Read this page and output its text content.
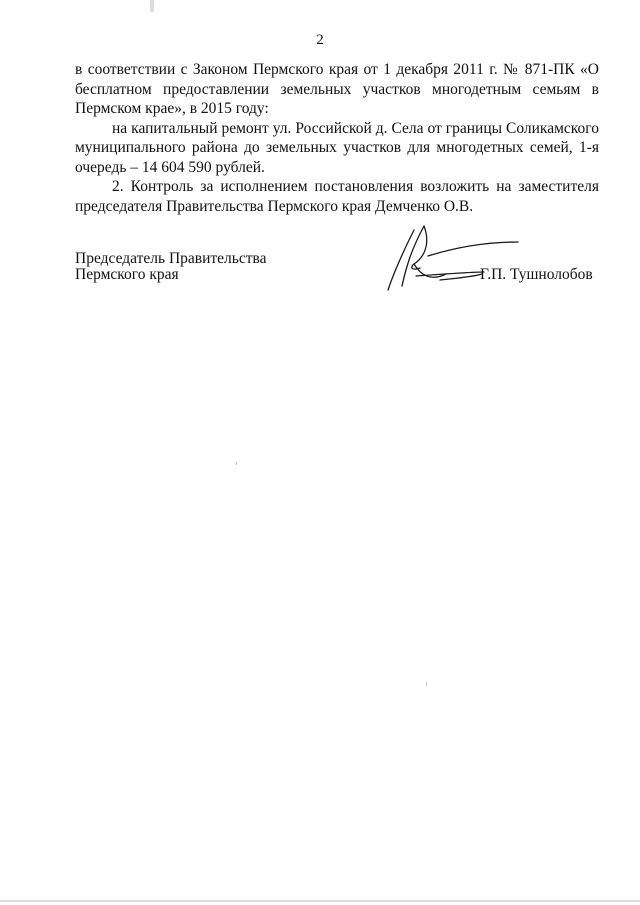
2

в соответствии с Законом Пермского края от 1 декабря 2011 г. № 871-ПК «О бесплатном предоставлении земельных участков многодетным семьям в Пермском крае», в 2015 году:

на капитальный ремонт ул. Российской д. Села от границы Соликамского муниципального района до земельных участков для многодетных семей, 1-я очередь – 14 604 590 рублей.

2. Контроль за исполнением постановления возложить на заместителя председателя Правительства Пермского края Демченко О.В.

Председатель Правительства
Пермского края	Г.П. Тушнолобов
